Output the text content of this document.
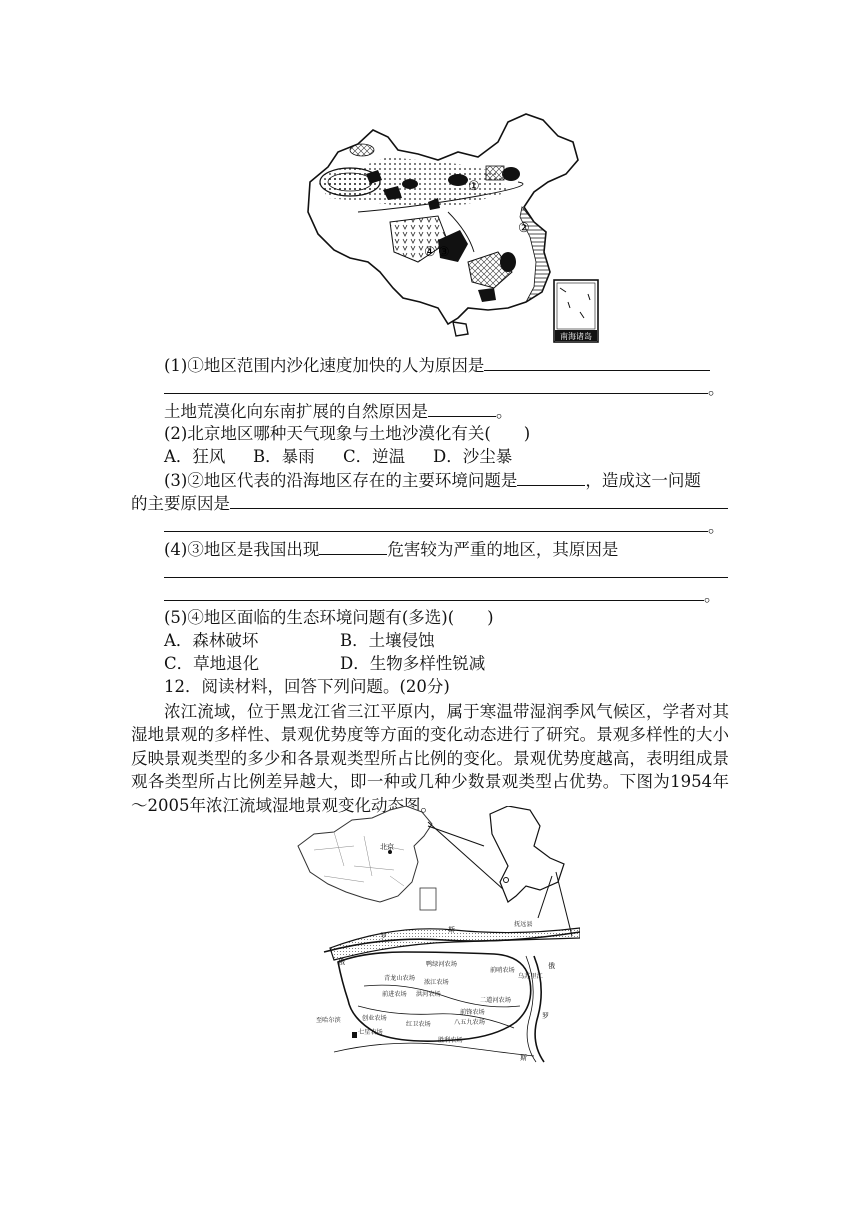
①
②
④ ③
南海诸岛
(1)①地区范围内沙化速度加快的人为原因是
。
土地荒漠化向东南扩展的自然原因是	。
(2)北京地区哪种天气现象与土地沙漠化有关(　　)
A．狂风 B．暴雨 C．逆温 D．沙尘暴
(3)②地区代表的沿海地区存在的主要环境问题是	，造成这一问题
的主要原因是
。
(4)③地区是我国出现	危害较为严重的地区，其原因是
。
(5)④地区面临的生态环境问题有(多选)(　　)
A．森林破坏	B．土壤侵蚀
C．草地退化	D．生物多样性锐减
12．阅读材料，回答下列问题。(20分)
浓江流域，位于黑龙江省三江平原内，属于寒温带湿润季风气候区，学者对其湿地景观的多样性、景观优势度等方面的变化动态进行了研究。景观多样性的大小反映景观类型的多少和各景观类型所占比例的变化。景观优势度越高，表明组成景观各类型所占比例差异越大，即一种或几种少数景观类型占优势。下图为1954年～2005年浓江流域湿地景观变化动态图。
北京
抚远县
鸭绿河农场
前哨农场
青龙山农场
浓江农场
前进农场 洪河农场
二道河农场
乌苏里江
前锋农场
创业农场
红卫农场	八五九农场
至哈尔滨
七星农场
胜利农场
罗
斯
俄	俄
罗
斯
